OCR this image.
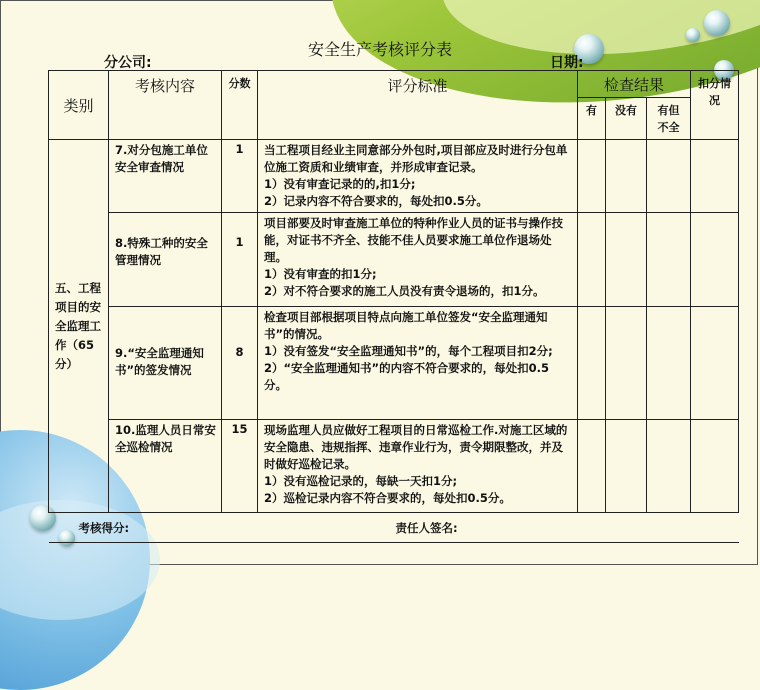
安全生产考核评分表
分公司:	日期:
类别	考核内容	分数	评分标准	检查结果			扣分情况
				有	没有	有但不全	
五、工程项目的安全监理工作（65分）	7.对分包施工单位安全审查情况	1	当工程项目经业主同意部分外包时,项目部应及时进行分包单位施工资质和业绩审查，并形成审查记录。
1）没有审查记录的的,扣1分;
2）记录内容不符合要求的，每处扣0.5分。				

	8.特殊工种的安全管理情况	1	项目部要及时审查施工单位的特种作业人员的证书与操作技能，对证书不齐全、技能不佳人员要求施工单位作退场处理。
1）没有审查的扣1分;
2）对不符合要求的施工人员没有责令退场的，扣1分。				

	9.“安全监理通知书”的签发情况	8	检查项目部根据项目特点向施工单位签发“安全监理通知书”的情况。
1）没有签发“安全监理通知书”的，每个工程项目扣2分;
2）“安全监理通知书”的内容不符合要求的，每处扣0.5分。				

	10.监理人员日常安全巡检情况	15	现场监理人员应做好工程项目的日常巡检工作.对施工区域的安全隐患、违规指挥、违章作业行为，责令期限整改，并及时做好巡检记录。
1）没有巡检记录的，每缺一天扣1分;
2）巡检记录内容不符合要求的，每处扣0.5分。				

考核得分:			责任人签名:				
